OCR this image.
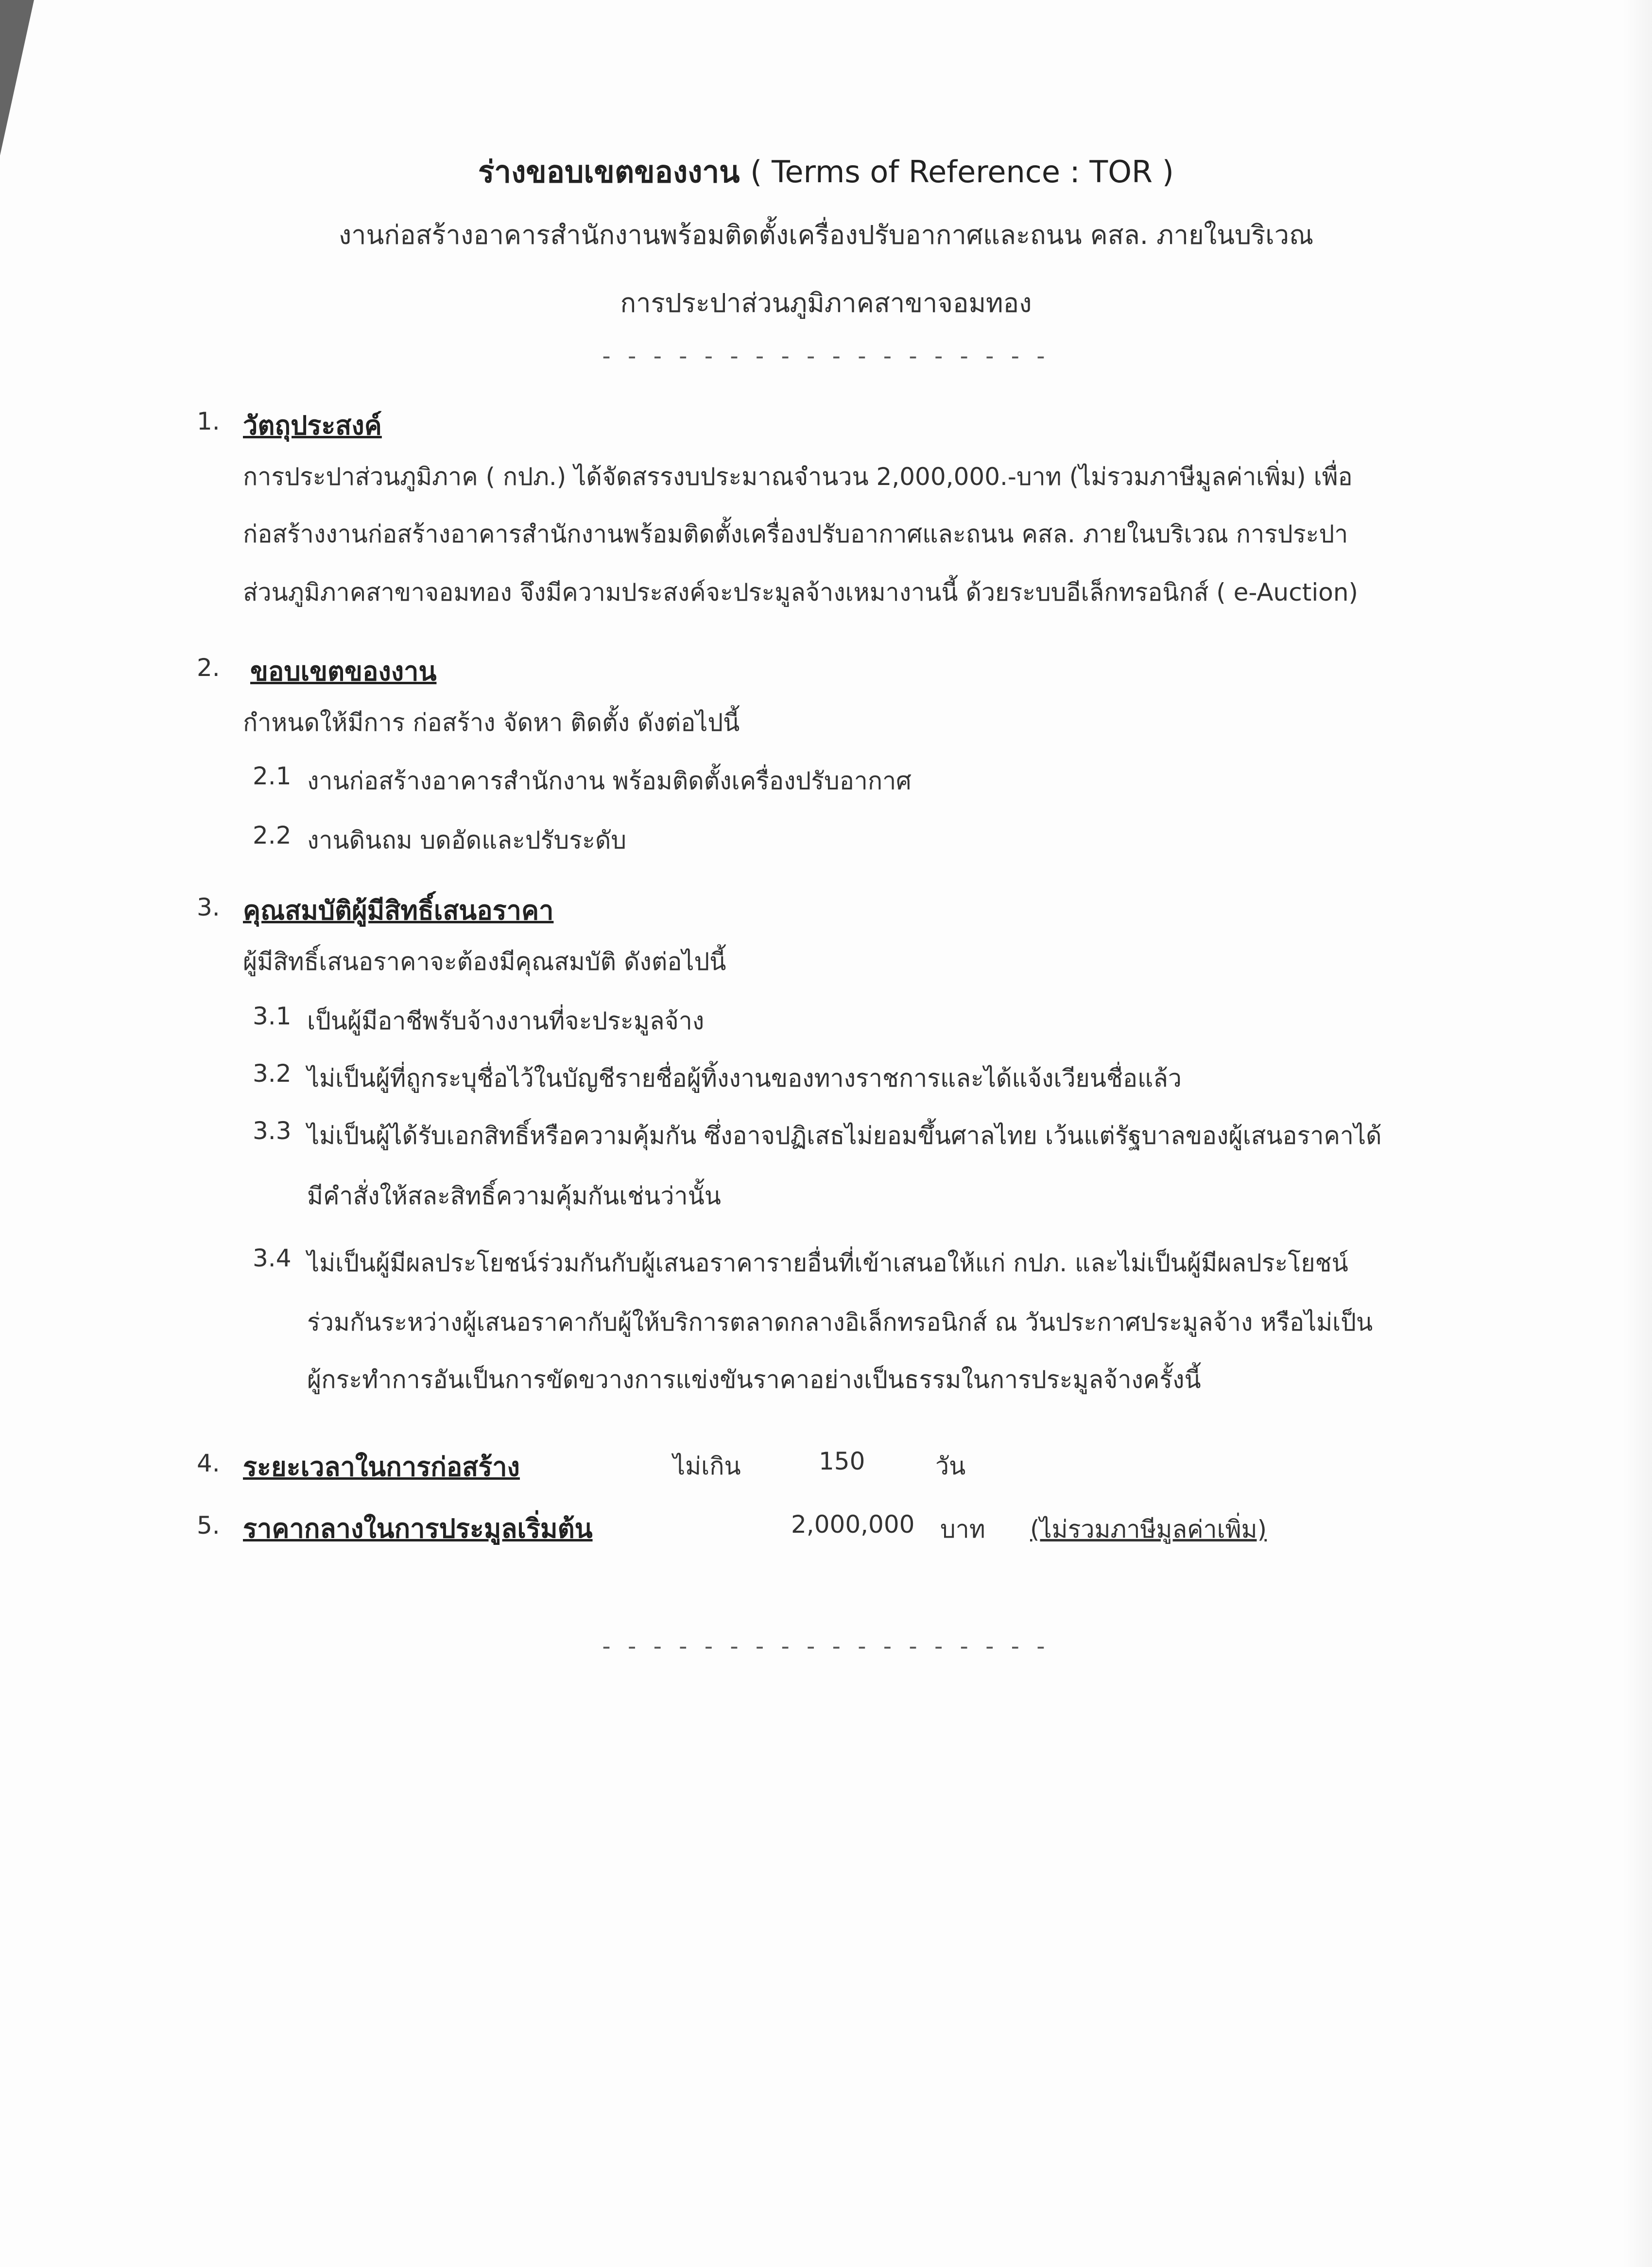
ร่างขอบเขตของงาน ( Terms of Reference : TOR )
งานก่อสร้างอาคารสำนักงานพร้อมติดตั้งเครื่องปรับอากาศและถนน คสล. ภายในบริเวณ
การประปาส่วนภูมิภาคสาขาจอมทอง
- - - - - - - - - - - - - - - - - -
1. วัตถุประสงค์
การประปาส่วนภูมิภาค ( กปภ.) ได้จัดสรรงบประมาณจำนวน 2,000,000.-บาท (ไม่รวมภาษีมูลค่าเพิ่ม) เพื่อ
ก่อสร้างงานก่อสร้างอาคารสำนักงานพร้อมติดตั้งเครื่องปรับอากาศและถนน คสล. ภายในบริเวณ การประปา
ส่วนภูมิภาคสาขาจอมทอง จึงมีความประสงค์จะประมูลจ้างเหมางานนี้ ด้วยระบบอีเล็กทรอนิกส์ ( e-Auction)
2. ขอบเขตของงาน
กำหนดให้มีการ ก่อสร้าง จัดหา ติดตั้ง ดังต่อไปนี้
2.1 งานก่อสร้างอาคารสำนักงาน พร้อมติดตั้งเครื่องปรับอากาศ
2.2 งานดินถม บดอัดและปรับระดับ
3. คุณสมบัติผู้มีสิทธิ์เสนอราคา
ผู้มีสิทธิ์เสนอราคาจะต้องมีคุณสมบัติ ดังต่อไปนี้
3.1 เป็นผู้มีอาชีพรับจ้างงานที่จะประมูลจ้าง
3.2 ไม่เป็นผู้ที่ถูกระบุชื่อไว้ในบัญชีรายชื่อผู้ทิ้งงานของทางราชการและได้แจ้งเวียนชื่อแล้ว
3.3 ไม่เป็นผู้ได้รับเอกสิทธิ์หรือความคุ้มกัน ซึ่งอาจปฏิเสธไม่ยอมขึ้นศาลไทย เว้นแต่รัฐบาลของผู้เสนอราคาได้
มีคำสั่งให้สละสิทธิ์ความคุ้มกันเช่นว่านั้น
3.4 ไม่เป็นผู้มีผลประโยชน์ร่วมกันกับผู้เสนอราคารายอื่นที่เข้าเสนอให้แก่ กปภ. และไม่เป็นผู้มีผลประโยชน์
ร่วมกันระหว่างผู้เสนอราคากับผู้ให้บริการตลาดกลางอิเล็กทรอนิกส์ ณ วันประกาศประมูลจ้าง หรือไม่เป็น
ผู้กระทำการอันเป็นการขัดขวางการแข่งขันราคาอย่างเป็นธรรมในการประมูลจ้างครั้งนี้
4. ระยะเวลาในการก่อสร้าง	ไม่เกิน	150	วัน
5. ราคากลางในการประมูลเริ่มต้น	2,000,000 บาท (ไม่รวมภาษีมูลค่าเพิ่ม)
- - - - - - - - - - - - - - - - - -
